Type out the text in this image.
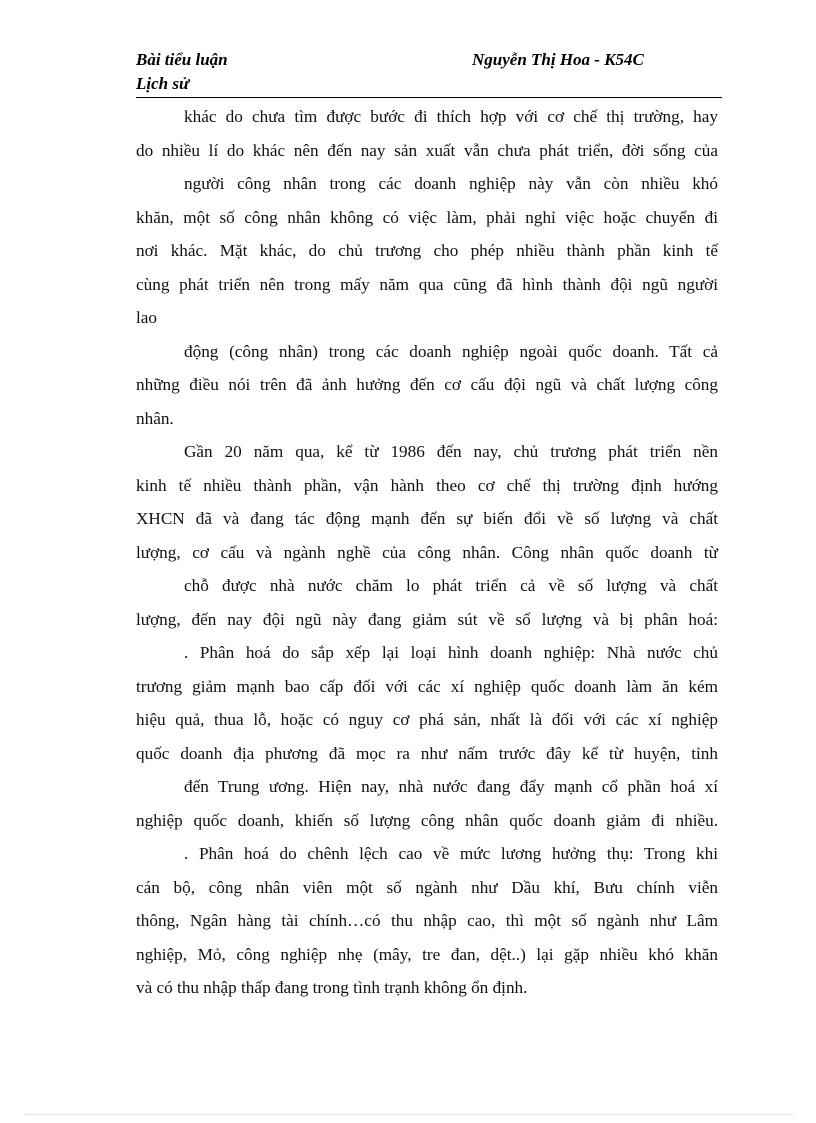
Bài tiểu luận
Lịch sử
Nguyễn Thị Hoa - K54C
khác do chưa tìm được bước đi thích hợp với cơ chế thị trường, hay
do nhiều lí do khác nên đến nay sản xuất vẫn chưa phát triển, đời sống của
người công nhân trong các doanh nghiệp này vẫn còn nhiều khó
khăn, một số công nhân không có việc làm, phải nghỉ việc hoặc chuyển đi
nơi khác. Mặt khác, do chủ trương cho phép nhiều thành phần kinh tế
cùng phát triển nên trong mấy năm qua cũng đã hình thành đội ngũ người
lao
động (công nhân) trong các doanh nghiệp ngoài quốc doanh. Tất cả
những điều nói trên đã ảnh hưởng đến cơ cấu đội ngũ và chất lượng công
nhân.
Gần 20 năm qua, kể từ 1986 đến nay, chủ trương phát triển nền
kinh tế nhiều thành phần, vận hành theo cơ chế thị trường định hướng
XHCN đã và đang tác động mạnh đến sự biến đổi về số lượng và chất
lượng, cơ cấu và ngành nghề của công nhân. Công nhân quốc doanh từ
chỗ được nhà nước chăm lo phát triển cả về số lượng và chất
lượng, đến nay đội ngũ này đang giảm sút về số lượng và bị phân hoá:
. Phân hoá do sắp xếp lại loại hình doanh nghiệp: Nhà nước chủ
trương giảm mạnh bao cấp đối với các xí nghiệp quốc doanh làm ăn kém
hiệu quả, thua lỗ, hoặc có nguy cơ phá sản, nhất là đối với các xí nghiệp
quốc doanh địa phương đã mọc ra như nấm trước đây kể từ huyện, tỉnh
đến Trung ương. Hiện nay, nhà nước đang đẩy mạnh cổ phần hoá xí
nghiệp quốc doanh, khiến số lượng công nhân quốc doanh giảm đi nhiều.
. Phân hoá do chênh lệch cao về mức lương hưởng thụ: Trong khi
cán bộ, công nhân viên một số ngành như Dầu khí, Bưu chính viễn
thông, Ngân hàng tài chính…có thu nhập cao, thì một số ngành như Lâm
nghiệp, Mỏ, công nghiệp nhẹ (mây, tre đan, dệt..) lại gặp nhiều khó khăn
và có thu nhập thấp đang trong tình trạnh không ổn định.
